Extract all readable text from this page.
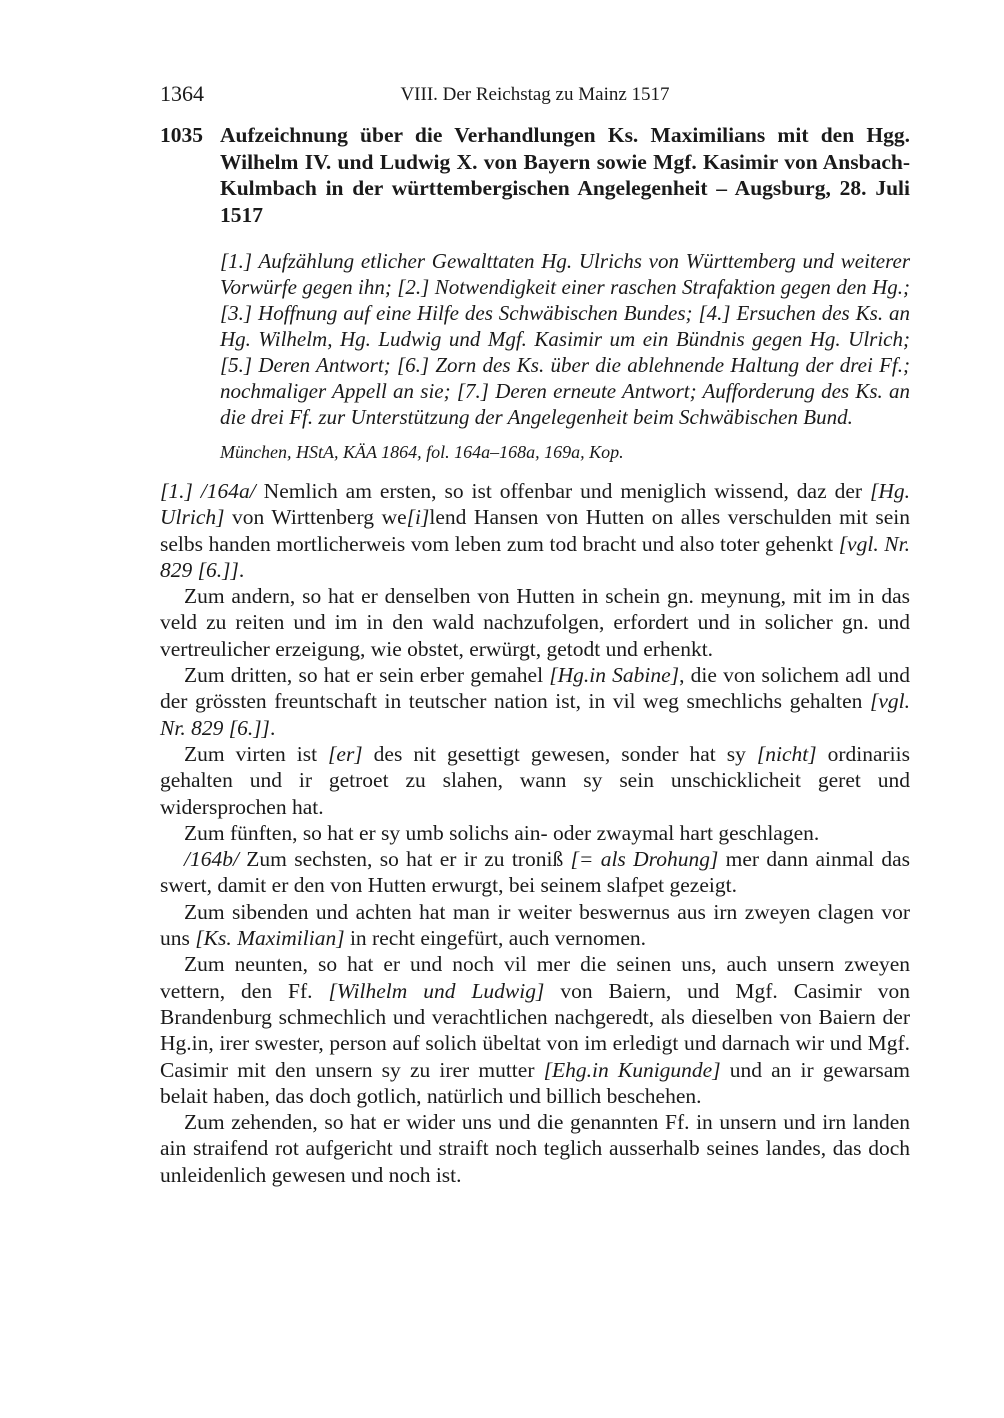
1364	VIII. Der Reichstag zu Mainz 1517
1035 Aufzeichnung über die Verhandlungen Ks. Maximilians mit den Hgg. Wilhelm IV. und Ludwig X. von Bayern sowie Mgf. Kasimir von Ansbach-Kulmbach in der württembergischen Angelegenheit – Augsburg, 28. Juli 1517
[1.] Aufzählung etlicher Gewalttaten Hg. Ulrichs von Württemberg und weiterer Vorwürfe gegen ihn; [2.] Notwendigkeit einer raschen Strafaktion gegen den Hg.; [3.] Hoffnung auf eine Hilfe des Schwäbischen Bundes; [4.] Ersuchen des Ks. an Hg. Wilhelm, Hg. Ludwig und Mgf. Kasimir um ein Bündnis gegen Hg. Ulrich; [5.] Deren Antwort; [6.] Zorn des Ks. über die ablehnende Haltung der drei Ff.; nochmaliger Appell an sie; [7.] Deren erneute Antwort; Aufforderung des Ks. an die drei Ff. zur Unterstützung der Angelegenheit beim Schwäbischen Bund.
München, HStA, KÄA 1864, fol. 164a–168a, 169a, Kop.

[1.] /164a/ Nemlich am ersten, so ist offenbar und meniglich wissend, daz der [Hg. Ulrich] von Wirttenberg we[i]lend Hansen von Hutten on alles verschulden mit sein selbs handen mortlicherweis vom leben zum tod bracht und also toter gehenkt [vgl. Nr. 829 [6.]].

Zum andern, so hat er denselben von Hutten in schein gn. meynung, mit im in das veld zu reiten und im in den wald nachzufolgen, erfordert und in solicher gn. und vertreulicher erzeigung, wie obstet, erwürgt, getodt und erhenkt.

Zum dritten, so hat er sein erber gemahel [Hg.in Sabine], die von solichem adl und der grössten freuntschaft in teutscher nation ist, in vil weg smechlichs gehalten [vgl. Nr. 829 [6.]].

Zum virten ist [er] des nit gesettigt gewesen, sonder hat sy [nicht] ordinariis gehalten und ir getroet zu slahen, wann sy sein unschicklicheit geret und widersprochen hat.

Zum fünften, so hat er sy umb solichs ain- oder zwaymal hart geschlagen.

/164b/ Zum sechsten, so hat er ir zu troniß [= als Drohung] mer dann ainmal das swert, damit er den von Hutten erwurgt, bei seinem slafpet gezeigt.

Zum sibenden und achten hat man ir weiter beswernus aus irn zweyen clagen vor uns [Ks. Maximilian] in recht eingefürt, auch vernomen.

Zum neunten, so hat er und noch vil mer die seinen uns, auch unsern zweyen vettern, den Ff. [Wilhelm und Ludwig] von Baiern, und Mgf. Casimir von Brandenburg schmechlich und verachtlichen nachgeredt, als dieselben von Baiern der Hg.in, irer swester, person auf solich übeltat von im erledigt und darnach wir und Mgf. Casimir mit den unsern sy zu irer mutter [Ehg.in Kunigunde] und an ir gewarsam belait haben, das doch gotlich, natürlich und billich beschehen.

Zum zehenden, so hat er wider uns und die genannten Ff. in unsern und irn landen ain straifend rot aufgericht und straift noch teglich ausserhalb seines landes, das doch unleidenlich gewesen und noch ist.
